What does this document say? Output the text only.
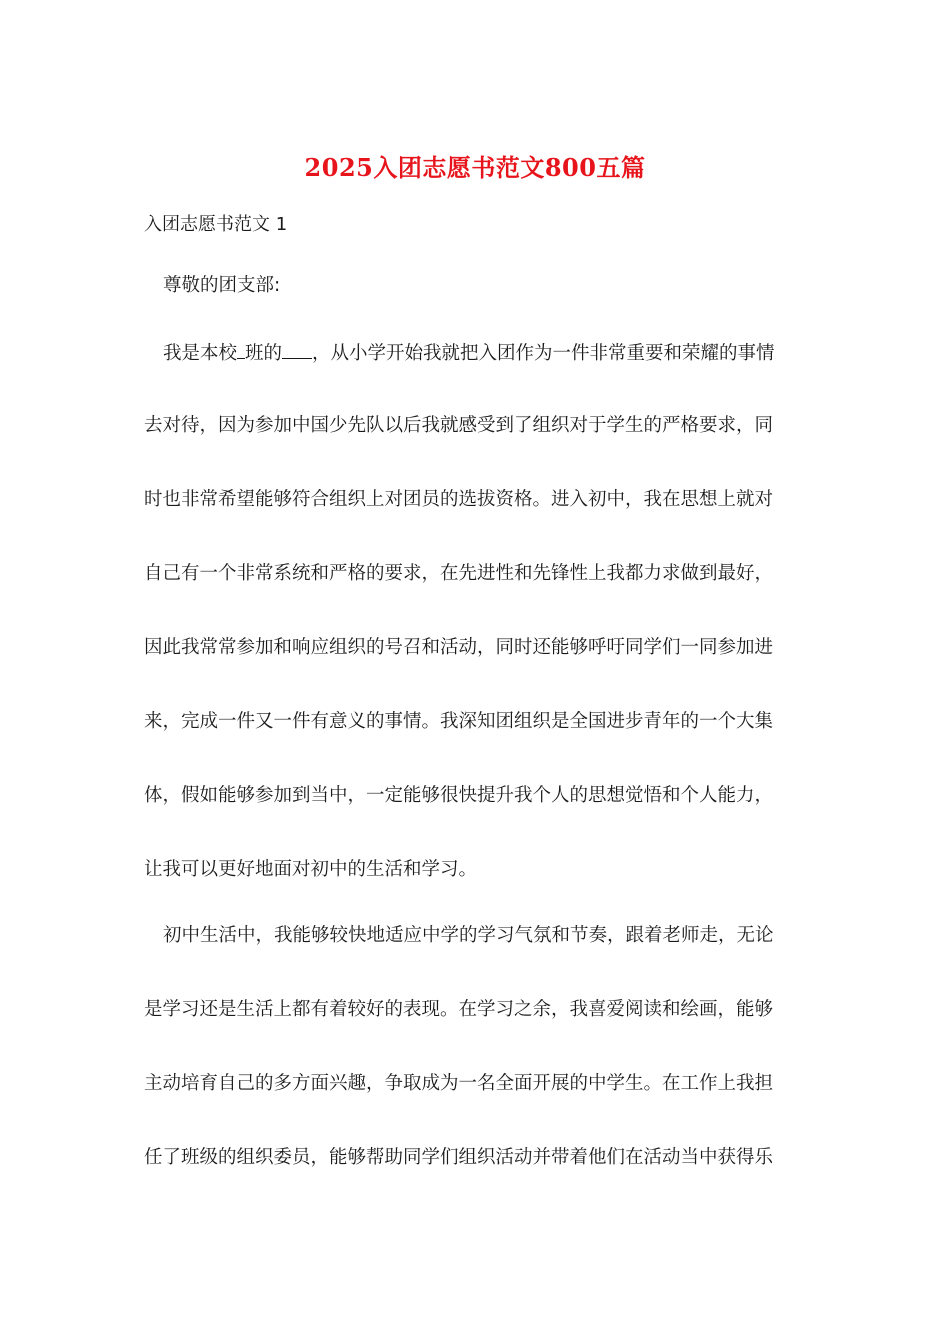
2025入团志愿书范文800五篇
入团志愿书范文 1
尊敬的团支部:
我是本校 班的 ，从小学开始我就把入团作为一件非常重要和荣耀的事情
去对待，因为参加中国少先队以后我就感受到了组织对于学生的严格要求，同
时也非常希望能够符合组织上对团员的选拔资格。进入初中，我在思想上就对
自己有一个非常系统和严格的要求，在先进性和先锋性上我都力求做到最好，
因此我常常参加和响应组织的号召和活动，同时还能够呼吁同学们一同参加进
来，完成一件又一件有意义的事情。我深知团组织是全国进步青年的一个大集
体，假如能够参加到当中，一定能够很快提升我个人的思想觉悟和个人能力，
让我可以更好地面对初中的生活和学习。
初中生活中，我能够较快地适应中学的学习气氛和节奏，跟着老师走，无论
是学习还是生活上都有着较好的表现。在学习之余，我喜爱阅读和绘画，能够
主动培育自己的多方面兴趣，争取成为一名全面开展的中学生。在工作上我担
任了班级的组织委员，能够帮助同学们组织活动并带着他们在活动当中获得乐
